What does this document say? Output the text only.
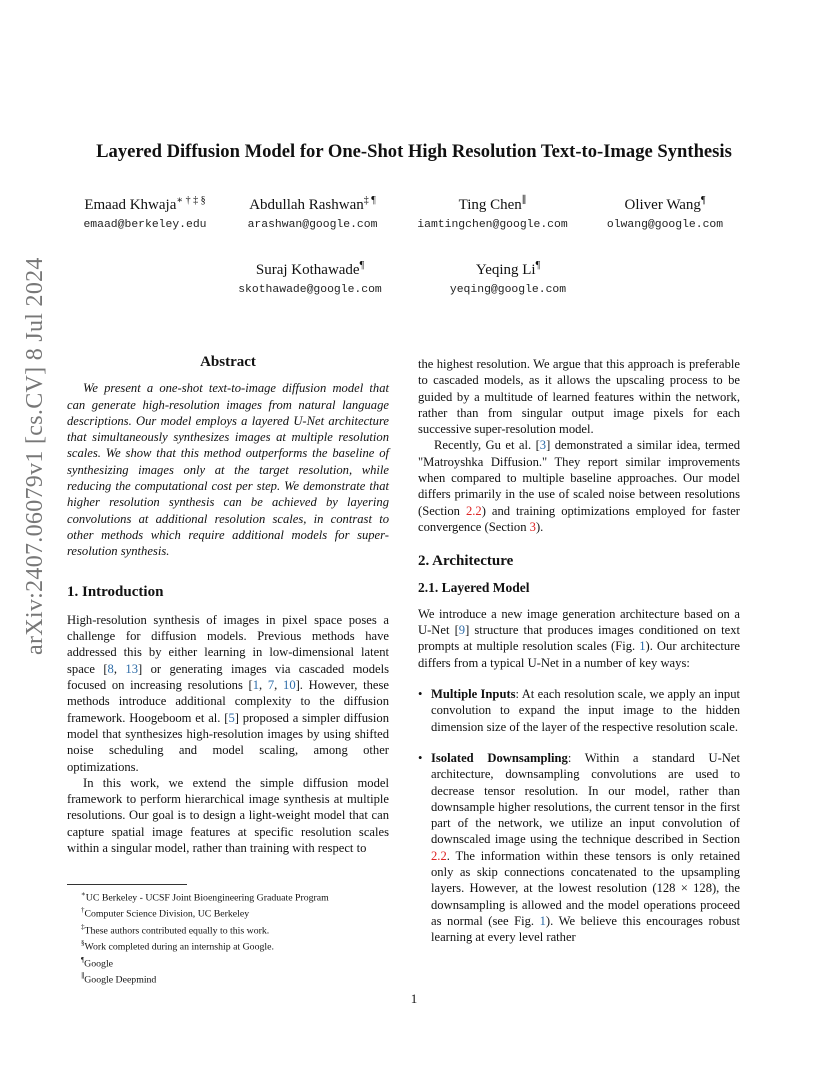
arXiv:2407.06079v1 [cs.CV] 8 Jul 2024
Layered Diffusion Model for One-Shot High Resolution Text-to-Image Synthesis
Emaad Khwaja∗ † ‡ §
emaad@berkeley.edu
Abdullah Rashwan‡ ¶
arashwan@google.com
Ting Chen∥
iamtingchen@google.com
Oliver Wang¶
olwang@google.com
Suraj Kothawade¶
skothawade@google.com
Yeqing Li¶
yeqing@google.com
Abstract

We present a one-shot text-to-image diffusion model that can generate high-resolution images from natural language descriptions. Our model employs a layered U-Net architecture that simultaneously synthesizes images at multiple resolution scales. We show that this method outperforms the baseline of synthesizing images only at the target resolution, while reducing the computational cost per step. We demonstrate that higher resolution synthesis can be achieved by layering convolutions at additional resolution scales, in contrast to other methods which require additional models for super-resolution synthesis.

1. Introduction

High-resolution synthesis of images in pixel space poses a challenge for diffusion models. Previous methods have addressed this by either learning in low-dimensional latent space [8, 13] or generating images via cascaded models focused on increasing resolutions [1, 7, 10]. However, these methods introduce additional complexity to the diffusion framework. Hoogeboom et al. [5] proposed a simpler diffusion model that synthesizes high-resolution images by using shifted noise scheduling and model scaling, among other optimizations.

In this work, we extend the simple diffusion model framework to perform hierarchical image synthesis at multiple resolutions. Our goal is to design a light-weight model that can capture spatial image features at specific resolution scales within a singular model, rather than training with respect to

∗UC Berkeley - UCSF Joint Bioengineering Graduate Program
†Computer Science Division, UC Berkeley
‡These authors contributed equally to this work.
§Work completed during an internship at Google.
¶Google
∥Google Deepmind

the highest resolution. We argue that this approach is preferable to cascaded models, as it allows the upscaling process to be guided by a multitude of learned features within the network, rather than from singular output image pixels for each successive super-resolution model.

Recently, Gu et al. [3] demonstrated a similar idea, termed "Matroyshka Diffusion." They report similar improvements when compared to multiple baseline approaches. Our model differs primarily in the use of scaled noise between resolutions (Section 2.2) and training optimizations employed for faster convergence (Section 3).

2. Architecture
2.1. Layered Model

We introduce a new image generation architecture based on a U-Net [9] structure that produces images conditioned on text prompts at multiple resolution scales (Fig. 1). Our architecture differs from a typical U-Net in a number of key ways:

• Multiple Inputs: At each resolution scale, we apply an input convolution to expand the input image to the hidden dimension size of the layer of the respective resolution scale.
• Isolated Downsampling: Within a standard U-Net architecture, downsampling convolutions are used to decrease tensor resolution. In our model, rather than downsample higher resolutions, the current tensor in the first part of the network, we utilize an input convolution of downscaled image using the technique described in Section 2.2. The information within these tensors is only retained only as skip connections concatenated to the upsampling layers. However, at the lowest resolution (128 × 128), the downsampling is allowed and the model operations proceed as normal (see Fig. 1). We believe this encourages robust learning at every level rather
1
